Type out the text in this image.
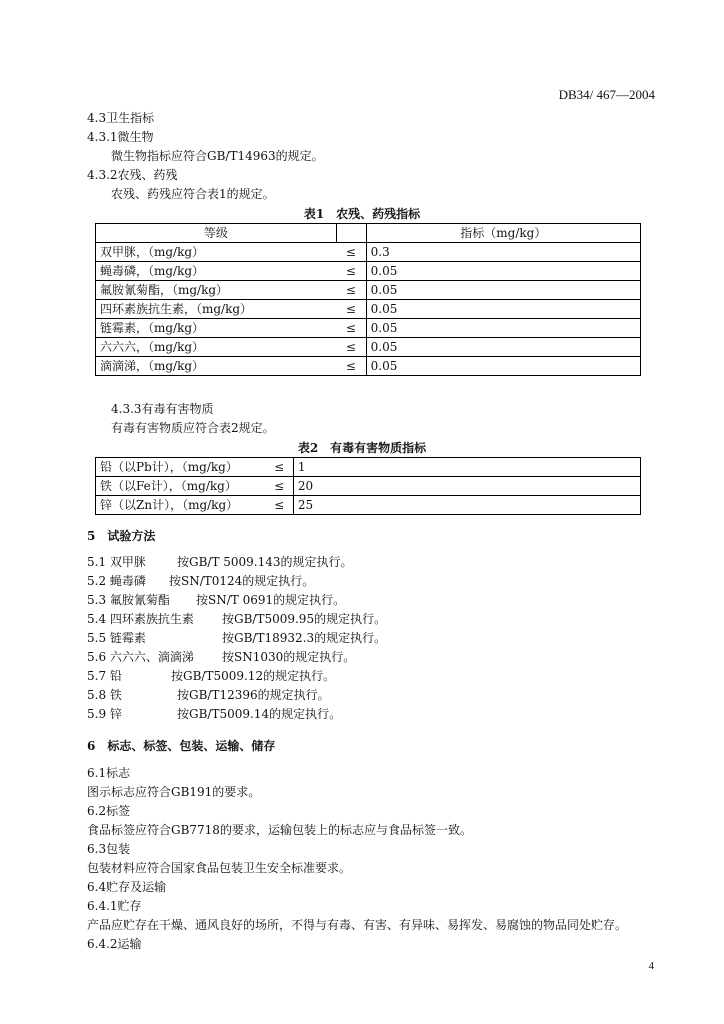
DB34/ 467—2004
4.3卫生指标
4.3.1微生物
微生物指标应符合GB/T14963的规定。
4.3.2农残、药残
农残、药残应符合表1的规定。
表1　农残、药残指标
等级		指标（mg/kg）
双甲脒，（mg/kg）	≤	0.3
蝇毒磷，（mg/kg）	≤	0.05
氟胺氰菊酯，（mg/kg）	≤	0.05
四环素族抗生素，（mg/kg）	≤	0.05
链霉素，（mg/kg）	≤	0.05
六六六，（mg/kg）	≤	0.05
滴滴涕，（mg/kg）	≤	0.05
4.3.3有毒有害物质
有毒有害物质应符合表2规定。
表2　有毒有害物质指标
铅（以Pb计），（mg/kg）	≤	1
铁（以Fe计），（mg/kg）	≤	20
锌（以Zn计），（mg/kg）	≤	25
5　试验方法
5.1 双甲脒	按GB/T 5009.143的规定执行。
5.2 蝇毒磷 按SN/T0124的规定执行。
5.3 氟胺氰菊酯 按SN/T 0691的规定执行。
5.4 四环素族抗生素 按GB/T5009.95的规定执行。
5.5 链霉素	按GB/T18932.3的规定执行。
5.6 六六六、滴滴涕 按SN1030的规定执行。
5.7 铅	按GB/T5009.12的规定执行。
5.8 铁	按GB/T12396的规定执行。
5.9 锌	按GB/T5009.14的规定执行。
6　标志、标签、包装、运输、储存
6.1标志
图示标志应符合GB191的要求。
6.2标签
食品标签应符合GB7718的要求，运输包装上的标志应与食品标签一致。
6.3包装
包装材料应符合国家食品包装卫生安全标准要求。
6.4贮存及运输
6.4.1贮存
产品应贮存在干燥、通风良好的场所，不得与有毒、有害、有异味、易挥发、易腐蚀的物品同处贮存。
6.4.2运输
4
